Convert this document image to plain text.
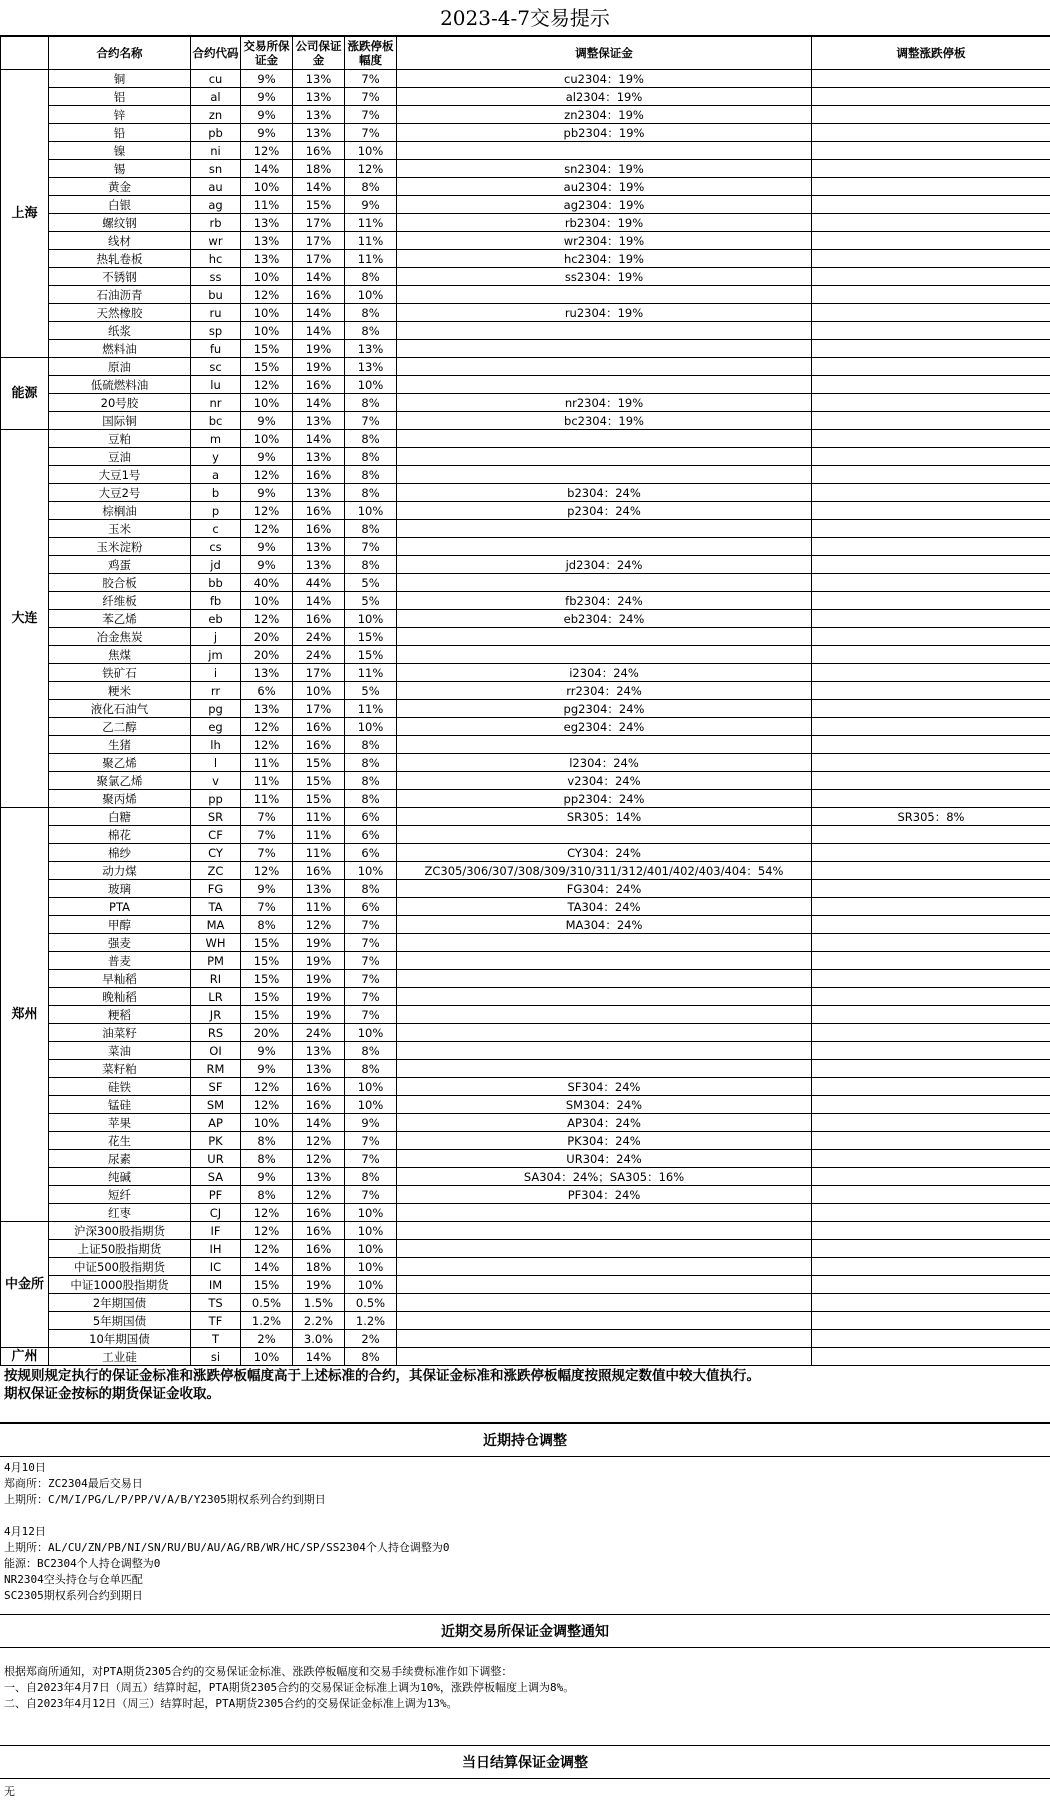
2023-4-7交易提示
	合约名称	合约代码	交易所保证金	公司保证金	涨跌停板幅度	调整保证金	调整涨跌停板
上海	铜	cu	9%	13%	7%	cu2304：19%	
	铝	al	9%	13%	7%	al2304：19%	
	锌	zn	9%	13%	7%	zn2304：19%	
	铅	pb	9%	13%	7%	pb2304：19%	
	镍	ni	12%	16%	10%		
	锡	sn	14%	18%	12%	sn2304：19%	
	黄金	au	10%	14%	8%	au2304：19%	
	白银	ag	11%	15%	9%	ag2304：19%	
	螺纹钢	rb	13%	17%	11%	rb2304：19%	
	线材	wr	13%	17%	11%	wr2304：19%	
	热轧卷板	hc	13%	17%	11%	hc2304：19%	
	不锈钢	ss	10%	14%	8%	ss2304：19%	
	石油沥青	bu	12%	16%	10%		
	天然橡胶	ru	10%	14%	8%	ru2304：19%	
	纸浆	sp	10%	14%	8%		
	燃料油	fu	15%	19%	13%		
能源	原油	sc	15%	19%	13%		
	低硫燃料油	lu	12%	16%	10%		
	20号胶	nr	10%	14%	8%	nr2304：19%	
	国际铜	bc	9%	13%	7%	bc2304：19%	
大连	豆粕	m	10%	14%	8%		
	豆油	y	9%	13%	8%		
	大豆1号	a	12%	16%	8%		
	大豆2号	b	9%	13%	8%	b2304：24%	
	棕榈油	p	12%	16%	10%	p2304：24%	
	玉米	c	12%	16%	8%		
	玉米淀粉	cs	9%	13%	7%		
	鸡蛋	jd	9%	13%	8%	jd2304：24%	
	胶合板	bb	40%	44%	5%		
	纤维板	fb	10%	14%	5%	fb2304：24%	
	苯乙烯	eb	12%	16%	10%	eb2304：24%	
	冶金焦炭	j	20%	24%	15%		
	焦煤	jm	20%	24%	15%		
	铁矿石	i	13%	17%	11%	i2304：24%	
	粳米	rr	6%	10%	5%	rr2304：24%	
	液化石油气	pg	13%	17%	11%	pg2304：24%	
	乙二醇	eg	12%	16%	10%	eg2304：24%	
	生猪	lh	12%	16%	8%		
	聚乙烯	l	11%	15%	8%	l2304：24%	
	聚氯乙烯	v	11%	15%	8%	v2304：24%	
	聚丙烯	pp	11%	15%	8%	pp2304：24%	
郑州	白糖	SR	7%	11%	6%	SR305：14%	SR305：8%
	棉花	CF	7%	11%	6%		
	棉纱	CY	7%	11%	6%	CY304：24%	
	动力煤	ZC	12%	16%	10%	ZC305/306/307/308/309/310/311/312/401/402/403/404：54%	
	玻璃	FG	9%	13%	8%	FG304：24%	
	PTA	TA	7%	11%	6%	TA304：24%	
	甲醇	MA	8%	12%	7%	MA304：24%	
	强麦	WH	15%	19%	7%		
	普麦	PM	15%	19%	7%		
	早籼稻	RI	15%	19%	7%		
	晚籼稻	LR	15%	19%	7%		
	粳稻	JR	15%	19%	7%		
	油菜籽	RS	20%	24%	10%		
	菜油	OI	9%	13%	8%		
	菜籽粕	RM	9%	13%	8%		
	硅铁	SF	12%	16%	10%	SF304：24%	
	锰硅	SM	12%	16%	10%	SM304：24%	
	苹果	AP	10%	14%	9%	AP304：24%	
	花生	PK	8%	12%	7%	PK304：24%	
	尿素	UR	8%	12%	7%	UR304：24%	
	纯碱	SA	9%	13%	8%	SA304：24%；SA305：16%	
	短纤	PF	8%	12%	7%	PF304：24%	
	红枣	CJ	12%	16%	10%		
中金所	沪深300股指期货	IF	12%	16%	10%		
	上证50股指期货	IH	12%	16%	10%		
	中证500股指期货	IC	14%	18%	10%		
	中证1000股指期货	IM	15%	19%	10%		
	2年期国债	TS	0.5%	1.5%	0.5%		
	5年期国债	TF	1.2%	2.2%	1.2%		
	10年期国债	T	2%	3.0%	2%		
广州	工业硅	si	10%	14%	8%		
按规则规定执行的保证金标准和涨跌停板幅度高于上述标准的合约，其保证金标准和涨跌停板幅度按照规定数值中较大值执行。
期权保证金按标的期货保证金收取。
近期持仓调整

4月10日

郑商所：ZC2304最后交易日

上期所：C/M/I/PG/L/P/PP/V/A/B/Y2305期权系列合约到期日

4月12日

上期所：AL/CU/ZN/PB/NI/SN/RU/BU/AU/AG/RB/WR/HC/SP/SS2304个人持仓调整为0

能源：BC2304个人持仓调整为0

NR2304空头持仓与仓单匹配

SC2305期权系列合约到期日

近期交易所保证金调整通知

根据郑商所通知，对PTA期货2305合约的交易保证金标准、涨跌停板幅度和交易手续费标准作如下调整：

一、自2023年4月7日（周五）结算时起，PTA期货2305合约的交易保证金标准上调为10%，涨跌停板幅度上调为8%。

二、自2023年4月12日（周三）结算时起，PTA期货2305合约的交易保证金标准上调为13%。

当日结算保证金调整

无
